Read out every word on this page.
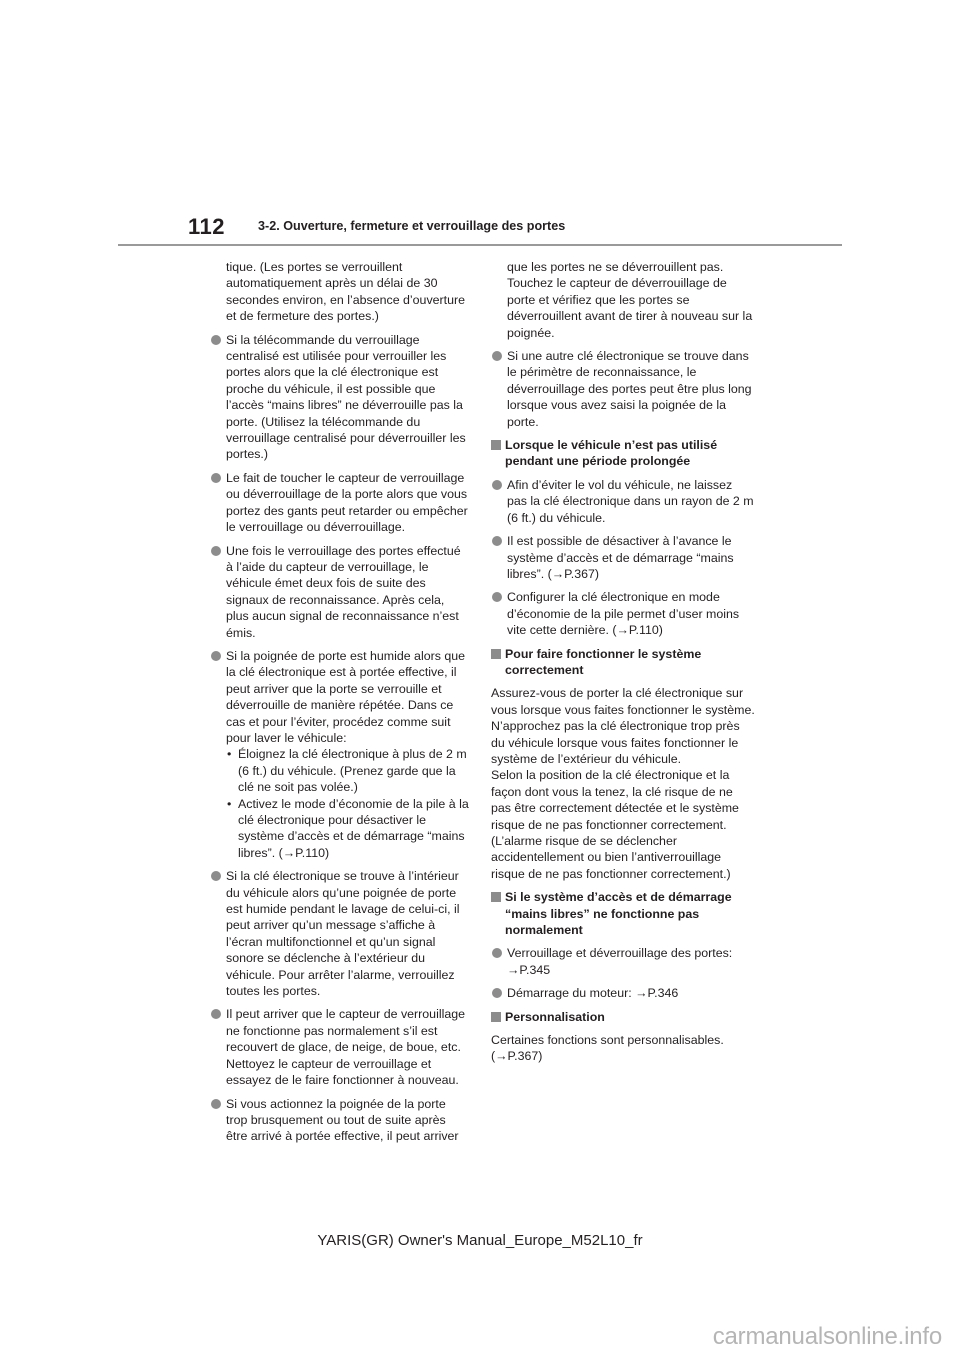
112	3-2. Ouverture, fermeture et verrouillage des portes
tique. (Les portes se verrouillent automatiquement après un délai de 30 secondes environ, en l’absence d’ouverture et de fermeture des portes.)
Si la télécommande du verrouillage centralisé est utilisée pour verrouiller les portes alors que la clé électronique est proche du véhicule, il est possible que l’accès “mains libres” ne déverrouille pas la porte. (Utilisez la télécommande du verrouillage centralisé pour déverrouiller les portes.)
Le fait de toucher le capteur de verrouillage ou déverrouillage de la porte alors que vous portez des gants peut retarder ou empêcher le verrouillage ou déverrouillage.
Une fois le verrouillage des portes effectué à l’aide du capteur de verrouillage, le véhicule émet deux fois de suite des signaux de reconnaissance. Après cela, plus aucun signal de reconnaissance n’est émis.
Si la poignée de porte est humide alors que la clé électronique est à portée effective, il peut arriver que la porte se verrouille et déverrouille de manière répétée. Dans ce cas et pour l’éviter, procédez comme suit pour laver le véhicule:
• Éloignez la clé électronique à plus de 2 m (6 ft.) du véhicule. (Prenez garde que la clé ne soit pas volée.)
• Activez le mode d’économie de la pile à la clé électronique pour désactiver le système d’accès et de démarrage “mains libres”. (→P.110)
Si la clé électronique se trouve à l’intérieur du véhicule alors qu’une poignée de porte est humide pendant le lavage de celui-ci, il peut arriver qu’un message s’affiche à l’écran multifonctionnel et qu’un signal sonore se déclenche à l’extérieur du véhicule. Pour arrêter l’alarme, verrouillez toutes les portes.
Il peut arriver que le capteur de verrouillage ne fonctionne pas normalement s’il est recouvert de glace, de neige, de boue, etc. Nettoyez le capteur de verrouillage et essayez de le faire fonctionner à nouveau.
Si vous actionnez la poignée de la porte trop brusquement ou tout de suite après être arrivé à portée effective, il peut arriver
que les portes ne se déverrouillent pas. Touchez le capteur de déverrouillage de porte et vérifiez que les portes se déverrouillent avant de tirer à nouveau sur la poignée.
Si une autre clé électronique se trouve dans le périmètre de reconnaissance, le déverrouillage des portes peut être plus long lorsque vous avez saisi la poignée de la porte.
Lorsque le véhicule n’est pas utilisé pendant une période prolongée
Afin d’éviter le vol du véhicule, ne laissez pas la clé électronique dans un rayon de 2 m (6 ft.) du véhicule.
Il est possible de désactiver à l’avance le système d’accès et de démarrage “mains libres”. (→P.367)
Configurer la clé électronique en mode d’économie de la pile permet d’user moins vite cette dernière. (→P.110)
Pour faire fonctionner le système correctement
Assurez-vous de porter la clé électronique sur vous lorsque vous faites fonctionner le système. N’approchez pas la clé électronique trop près du véhicule lorsque vous faites fonctionner le système de l’extérieur du véhicule.
Selon la position de la clé électronique et la façon dont vous la tenez, la clé risque de ne pas être correctement détectée et le système risque de ne pas fonctionner correctement. (L’alarme risque de se déclencher accidentellement ou bien l’antiverrouillage risque de ne pas fonctionner correctement.)
Si le système d’accès et de démarrage “mains libres” ne fonctionne pas normalement
Verrouillage et déverrouillage des portes: →P.345
Démarrage du moteur: →P.346
Personnalisation
Certaines fonctions sont personnalisables. (→P.367)
YARIS(GR) Owner's Manual_Europe_M52L10_fr
carmanualsonline.info
